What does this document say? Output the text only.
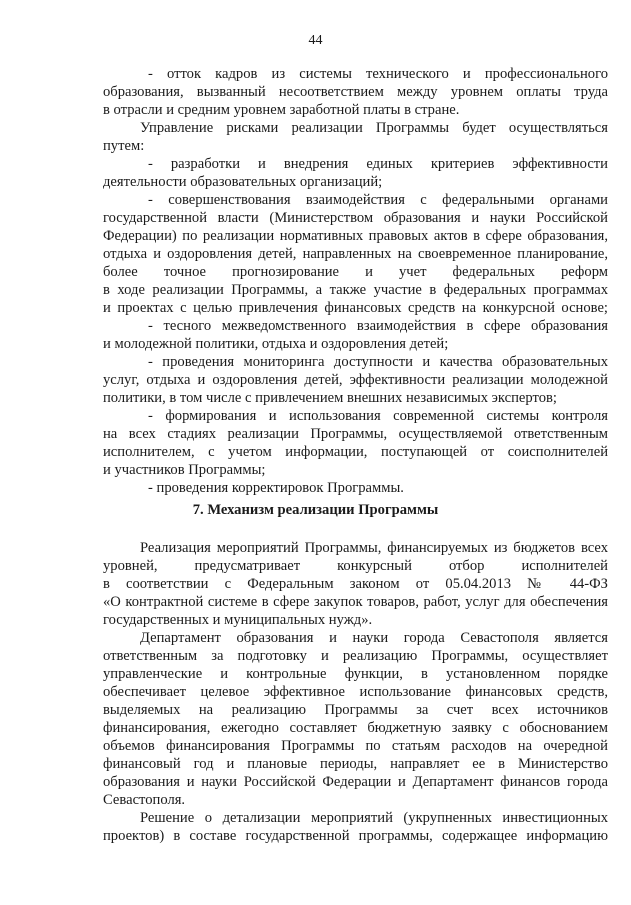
44
- отток кадров из системы технического и профессионального
образования, вызванный несоответствием между уровнем оплаты труда
в отрасли и средним уровнем заработной платы в стране.
Управление рисками реализации Программы будет осуществляться
путем:
- разработки и внедрения единых критериев эффективности
деятельности образовательных организаций;
- совершенствования взаимодействия с федеральными органами
государственной власти (Министерством образования и науки Российской
Федерации) по реализации нормативных правовых актов в сфере образования,
отдыха и оздоровления детей, направленных на своевременное планирование,
более точное прогнозирование и учет федеральных реформ
в ходе реализации Программы, а также участие в федеральных программах
и проектах с целью привлечения финансовых средств на конкурсной основе;
- тесного межведомственного взаимодействия в сфере образования
и молодежной политики, отдыха и оздоровления детей;
- проведения мониторинга доступности и качества образовательных
услуг, отдыха и оздоровления детей, эффективности реализации молодежной
политики, в том числе с привлечением внешних независимых экспертов;
- формирования и использования современной системы контроля
на всех стадиях реализации Программы, осуществляемой ответственным
исполнителем, с учетом информации, поступающей от соисполнителей
и участников Программы;
- проведения корректировок Программы.
7. Механизм реализации Программы
Реализация мероприятий Программы, финансируемых из бюджетов всех
уровней, предусматривает конкурсный отбор исполнителей
в соответствии с Федеральным законом от 05.04.2013 № 44-ФЗ
«О контрактной системе в сфере закупок товаров, работ, услуг для обеспечения
государственных и муниципальных нужд».
Департамент образования и науки города Севастополя является
ответственным за подготовку и реализацию Программы, осуществляет
управленческие и контрольные функции, в установленном порядке
обеспечивает целевое эффективное использование финансовых средств,
выделяемых на реализацию Программы за счет всех источников
финансирования, ежегодно составляет бюджетную заявку с обоснованием
объемов финансирования Программы по статьям расходов на очередной
финансовый год и плановые периоды, направляет ее в Министерство
образования и науки Российской Федерации и Департамент финансов города
Севастополя.
Решение о детализации мероприятий (укрупненных инвестиционных
проектов) в составе государственной программы, содержащее информацию
